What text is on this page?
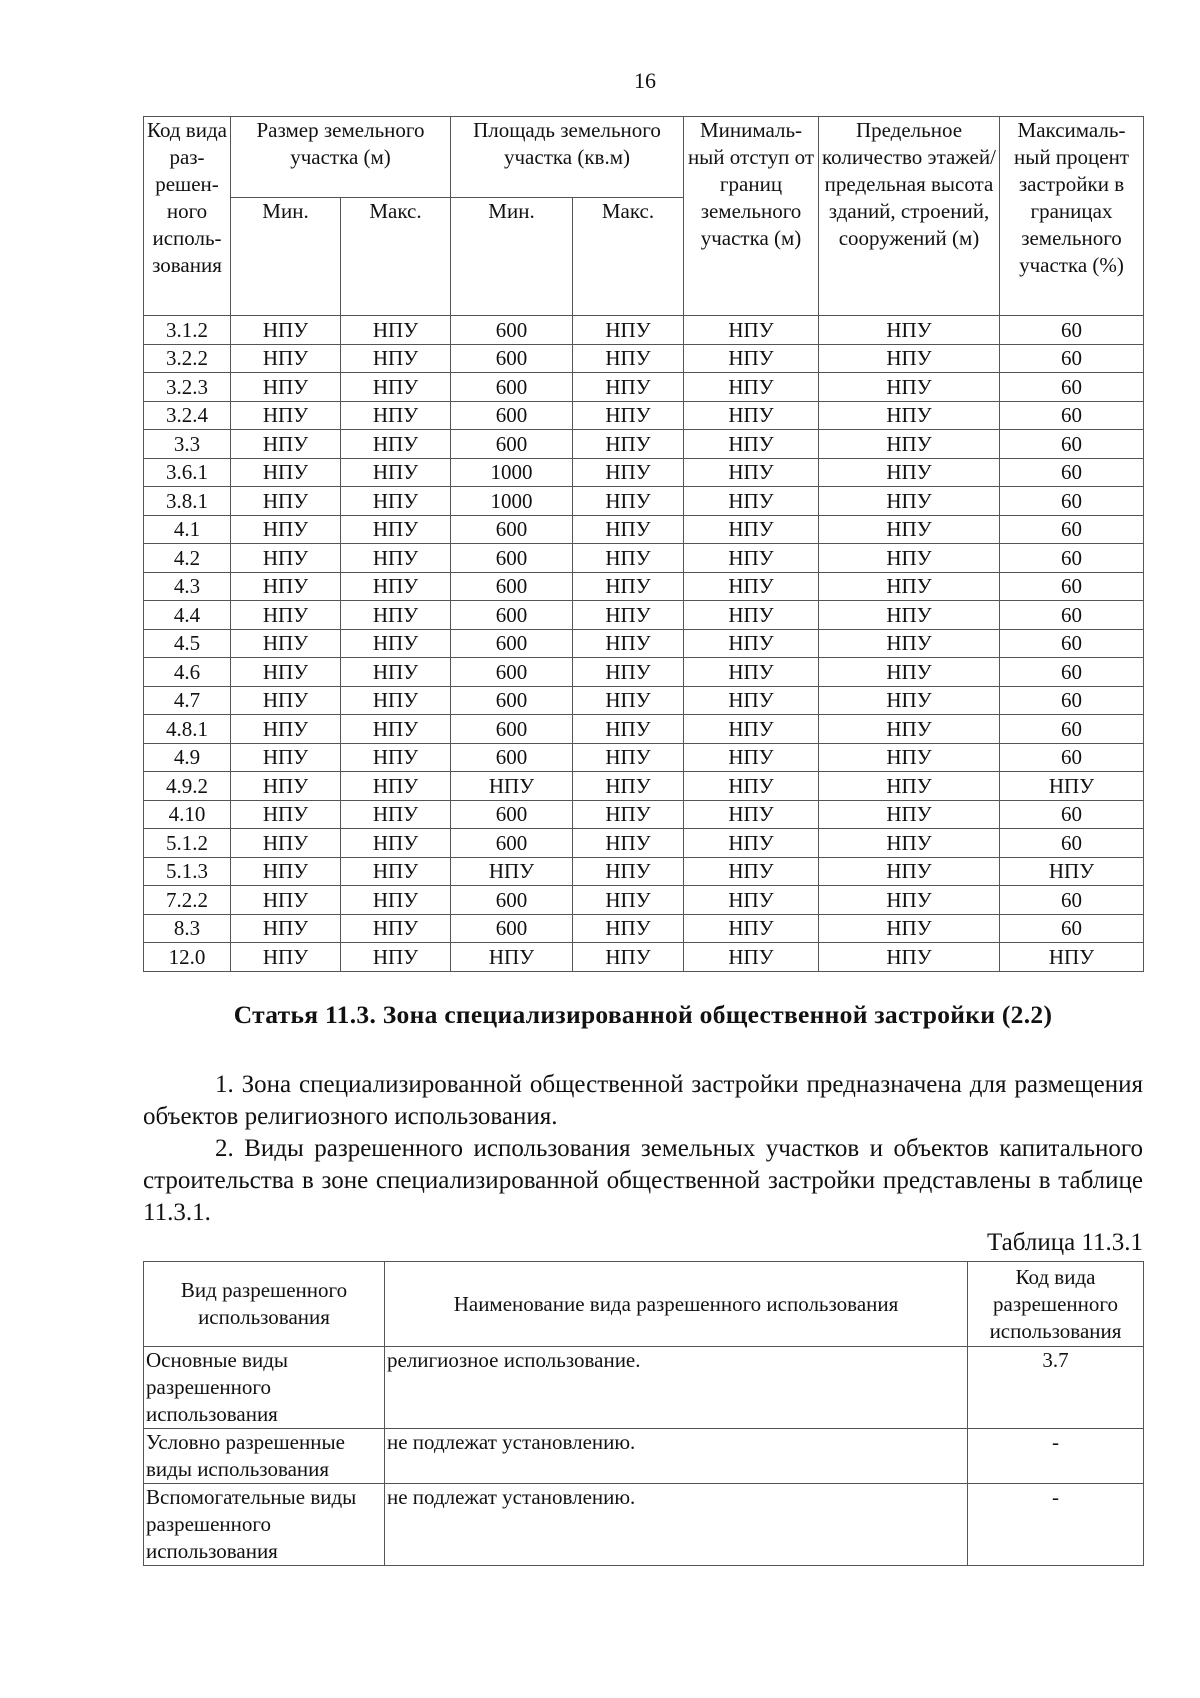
16
Код вида раз-решен-ного исполь-зования	Размер земельного участка (м)		Площадь земельного участка (кв.м)		Минималь-ный отступ от границ земельного участка (м)	Предельное количество этажей/ предельная высота зданий, строений, сооружений (м)	Максималь-ный процент застройки в границах земельного участка (%)
	Мин.	Макс.	Мин.	Макс.			
3.1.2	НПУ	НПУ	600	НПУ	НПУ	НПУ	60
3.2.2	НПУ	НПУ	600	НПУ	НПУ	НПУ	60
3.2.3	НПУ	НПУ	600	НПУ	НПУ	НПУ	60
3.2.4	НПУ	НПУ	600	НПУ	НПУ	НПУ	60
3.3	НПУ	НПУ	600	НПУ	НПУ	НПУ	60
3.6.1	НПУ	НПУ	1000	НПУ	НПУ	НПУ	60
3.8.1	НПУ	НПУ	1000	НПУ	НПУ	НПУ	60
4.1	НПУ	НПУ	600	НПУ	НПУ	НПУ	60
4.2	НПУ	НПУ	600	НПУ	НПУ	НПУ	60
4.3	НПУ	НПУ	600	НПУ	НПУ	НПУ	60
4.4	НПУ	НПУ	600	НПУ	НПУ	НПУ	60
4.5	НПУ	НПУ	600	НПУ	НПУ	НПУ	60
4.6	НПУ	НПУ	600	НПУ	НПУ	НПУ	60
4.7	НПУ	НПУ	600	НПУ	НПУ	НПУ	60
4.8.1	НПУ	НПУ	600	НПУ	НПУ	НПУ	60
4.9	НПУ	НПУ	600	НПУ	НПУ	НПУ	60
4.9.2	НПУ	НПУ	НПУ	НПУ	НПУ	НПУ	НПУ
4.10	НПУ	НПУ	600	НПУ	НПУ	НПУ	60
5.1.2	НПУ	НПУ	600	НПУ	НПУ	НПУ	60
5.1.3	НПУ	НПУ	НПУ	НПУ	НПУ	НПУ	НПУ
7.2.2	НПУ	НПУ	600	НПУ	НПУ	НПУ	60
8.3	НПУ	НПУ	600	НПУ	НПУ	НПУ	60
12.0	НПУ	НПУ	НПУ	НПУ	НПУ	НПУ	НПУ
Статья 11.3. Зона специализированной общественной застройки (2.2)

1. Зона специализированной общественной застройки предназначена для размещения объектов религиозного использования.

2. Виды разрешенного использования земельных участков и объектов капитального строительства в зоне специализированной общественной застройки представлены в таблице 11.3.1.

Таблица 11.3.1
Вид разрешенного использования	Наименование вида разрешенного использования	Код вида разрешенного использования
Основные виды разрешенного использования	религиозное использование.	3.7
Условно разрешенные виды использования	не подлежат установлению.	-
Вспомогательные виды разрешенного использования	не подлежат установлению.	-
